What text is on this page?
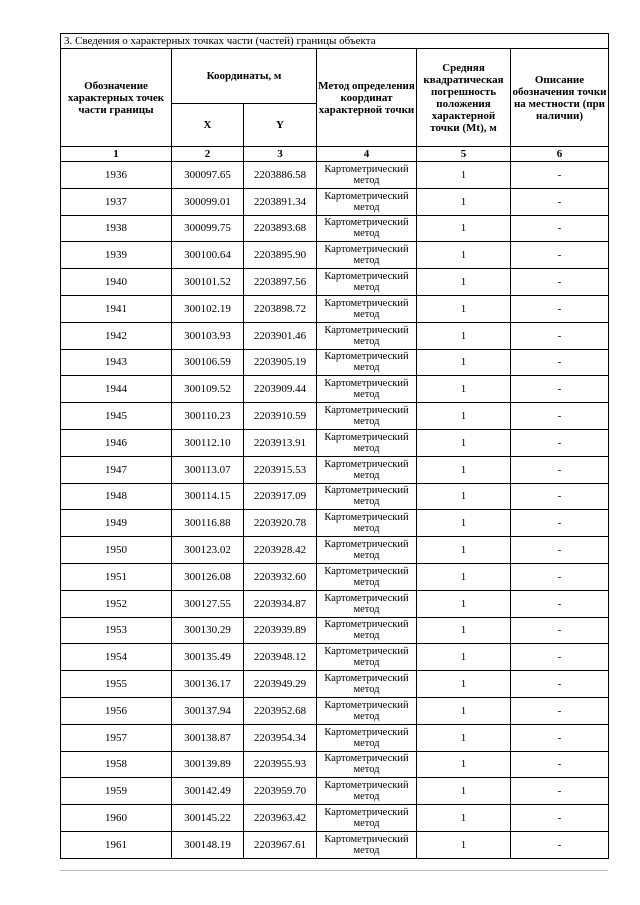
3. Сведения о характерных точках части (частей) границы объекта					
Обозначение характерных точек части границы	Координаты, м		Метод определения координат характерной точки	Средняя квадратическая погрешность положения характерной точки (Mt), м	Описание обозначения точки на местности (при наличии)
	X	Y			
1	2	3	4	5	6
1936	300097.65	2203886.58	Картометрический метод	1	-
1937	300099.01	2203891.34	Картометрический метод	1	-
1938	300099.75	2203893.68	Картометрический метод	1	-
1939	300100.64	2203895.90	Картометрический метод	1	-
1940	300101.52	2203897.56	Картометрический метод	1	-
1941	300102.19	2203898.72	Картометрический метод	1	-
1942	300103.93	2203901.46	Картометрический метод	1	-
1943	300106.59	2203905.19	Картометрический метод	1	-
1944	300109.52	2203909.44	Картометрический метод	1	-
1945	300110.23	2203910.59	Картометрический метод	1	-
1946	300112.10	2203913.91	Картометрический метод	1	-
1947	300113.07	2203915.53	Картометрический метод	1	-
1948	300114.15	2203917.09	Картометрический метод	1	-
1949	300116.88	2203920.78	Картометрический метод	1	-
1950	300123.02	2203928.42	Картометрический метод	1	-
1951	300126.08	2203932.60	Картометрический метод	1	-
1952	300127.55	2203934.87	Картометрический метод	1	-
1953	300130.29	2203939.89	Картометрический метод	1	-
1954	300135.49	2203948.12	Картометрический метод	1	-
1955	300136.17	2203949.29	Картометрический метод	1	-
1956	300137.94	2203952.68	Картометрический метод	1	-
1957	300138.87	2203954.34	Картометрический метод	1	-
1958	300139.89	2203955.93	Картометрический метод	1	-
1959	300142.49	2203959.70	Картометрический метод	1	-
1960	300145.22	2203963.42	Картометрический метод	1	-
1961	300148.19	2203967.61	Картометрический метод	1	-
